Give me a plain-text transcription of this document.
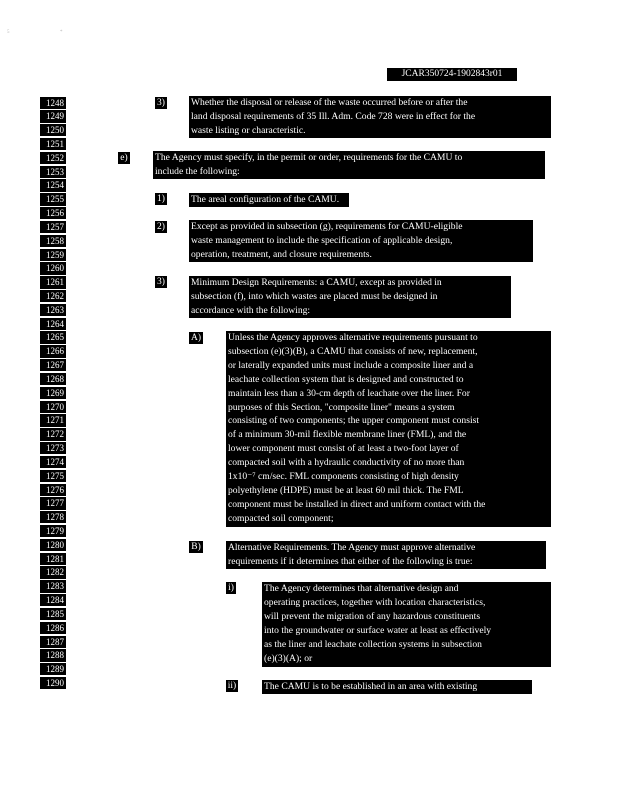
5	*
JCAR350724-1902843r01
1248
1249
1250
1251
1252
1253
1254
1255
1256
1257
1258
1259
1260
1261
1262
1263
1264
1265
1266
1267
1268
1269
1270
1271
1272
1273
1274
1275
1276
1277
1278
1279
1280
1281
1282
1283
1284
1285
1286
1287
1288
1289
1290
3)
e)
1)
2)
3)
A)
B)
i)
ii)
Whether the disposal or release of the waste occurred before or after the
land disposal requirements of 35 Ill. Adm. Code 728 were in effect for the
waste listing or characteristic.
The Agency must specify, in the permit or order, requirements for the CAMU to
include the following:
The areal configuration of the CAMU.
Except as provided in subsection (g), requirements for CAMU-eligible
waste management to include the specification of applicable design,
operation, treatment, and closure requirements.
Minimum Design Requirements: a CAMU, except as provided in
subsection (f), into which wastes are placed must be designed in
accordance with the following:
Unless the Agency approves alternative requirements pursuant to
subsection (e)(3)(B), a CAMU that consists of new, replacement,
or laterally expanded units must include a composite liner and a
leachate collection system that is designed and constructed to
maintain less than a 30-cm depth of leachate over the liner. For
purposes of this Section, "composite liner" means a system
consisting of two components; the upper component must consist
of a minimum 30-mil flexible membrane liner (FML), and the
lower component must consist of at least a two-foot layer of
compacted soil with a hydraulic conductivity of no more than
1x10⁻⁷ cm/sec. FML components consisting of high density
polyethylene (HDPE) must be at least 60 mil thick. The FML
component must be installed in direct and uniform contact with the
compacted soil component;
Alternative Requirements. The Agency must approve alternative
requirements if it determines that either of the following is true:
The Agency determines that alternative design and
operating practices, together with location characteristics,
will prevent the migration of any hazardous constituents
into the groundwater or surface water at least as effectively
as the liner and leachate collection systems in subsection
(e)(3)(A); or
The CAMU is to be established in an area with existing
